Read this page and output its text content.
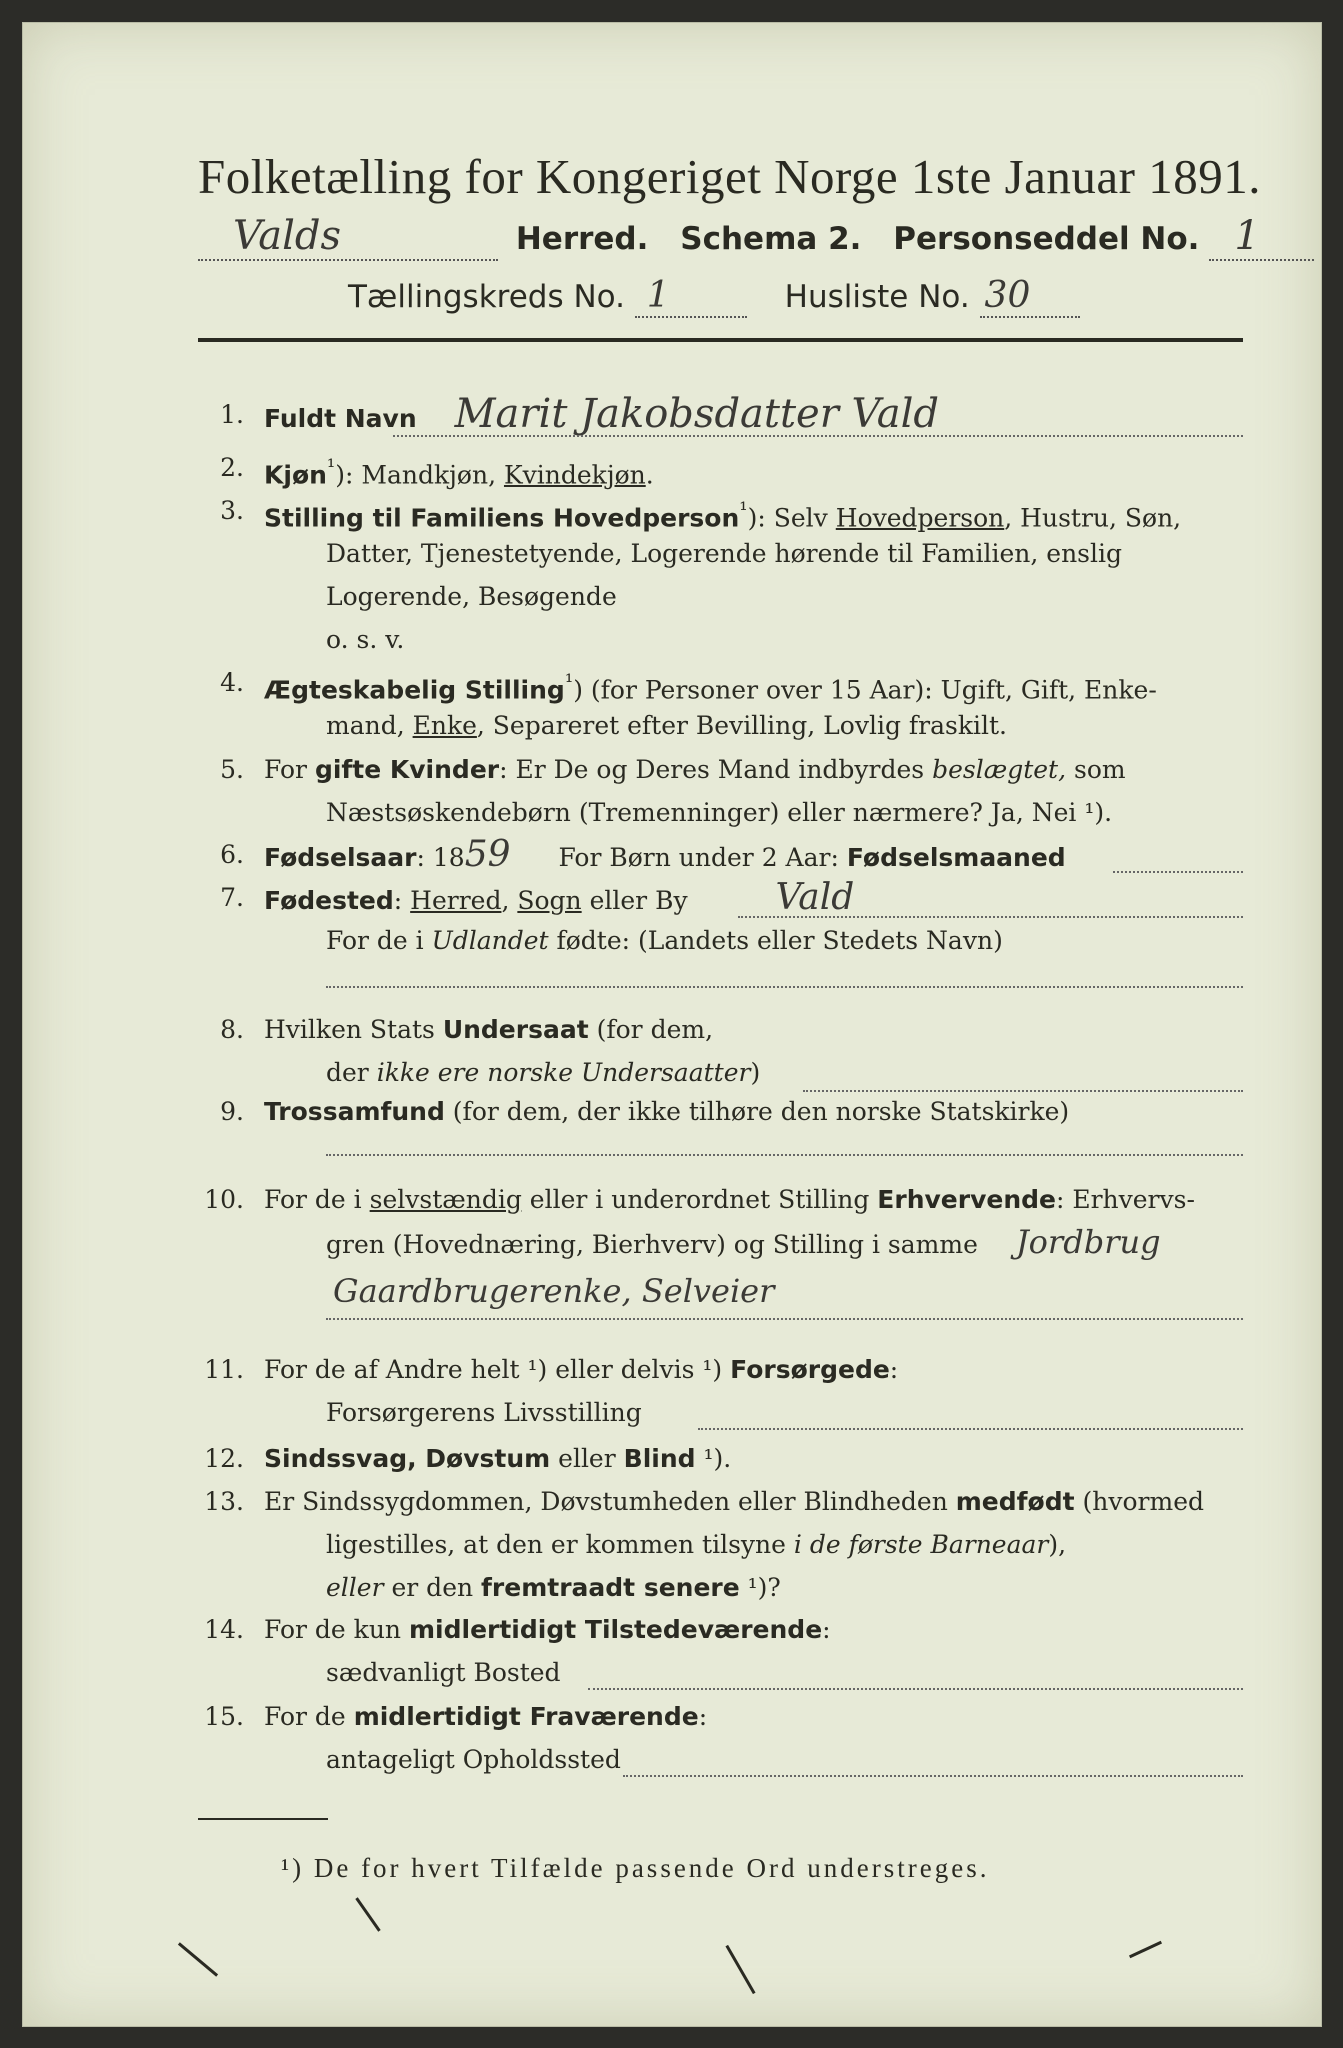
Folketælling for Kongeriget Norge 1ste Januar 1891.
Valds	Herred. Schema 2. Personseddel No. 1
Tællingskreds No. 1	Husliste No. 30
1. Fuldt Navn Marit Jakobsdatter Vald
2. Kjøn$^{^1}$): Mandkjøn, Kvindekjøn.
3. Stilling til Familiens Hovedperson$^{^1}$): Selv Hovedperson, Hustru, Søn,
Datter, Tjenestetyende, Logerende hørende til Familien, enslig
Logerende, Besøgende
o. s. v.
4. Ægteskabelig Stilling$^{^1}$) (for Personer over 15 Aar): Ugift, Gift, Enke-
mand, Enke, Separeret efter Bevilling, Lovlig fraskilt.
5. For gifte Kvinder: Er De og Deres Mand indbyrdes beslægtet, som
Næstsøskendebørn (Tremenninger) eller nærmere? Ja, Nei ¹).
6. Fødselsaar: 1859 For Børn under 2 Aar: Fødselsmaaned
7. Fødested: Herred, Sogn eller By Vald
For de i Udlandet fødte: (Landets eller Stedets Navn)
8. Hvilken Stats Undersaat (for dem,
der ikke ere norske Undersaatter)
9. Trossamfund (for dem, der ikke tilhøre den norske Statskirke)
10. For de i selvstændig eller i underordnet Stilling Erhvervende: Erhvervs-
gren (Hovednæring, Bierhverv) og Stilling i samme Jordbrug
Gaardbrugerenke, Selveier
11. For de af Andre helt ¹) eller delvis ¹) Forsørgede:
Forsørgerens Livsstilling
12. Sindssvag, Døvstum eller Blind ¹).
13. Er Sindssygdommen, Døvstumheden eller Blindheden medfødt (hvormed
ligestilles, at den er kommen tilsyne i de første Barneaar),
eller er den fremtraadt senere ¹)?
14. For de kun midlertidigt Tilstedeværende:
sædvanligt Bosted
15. For de midlertidigt Fraværende:
antageligt Opholdssted
¹) De for hvert Tilfælde passende Ord understreges.
